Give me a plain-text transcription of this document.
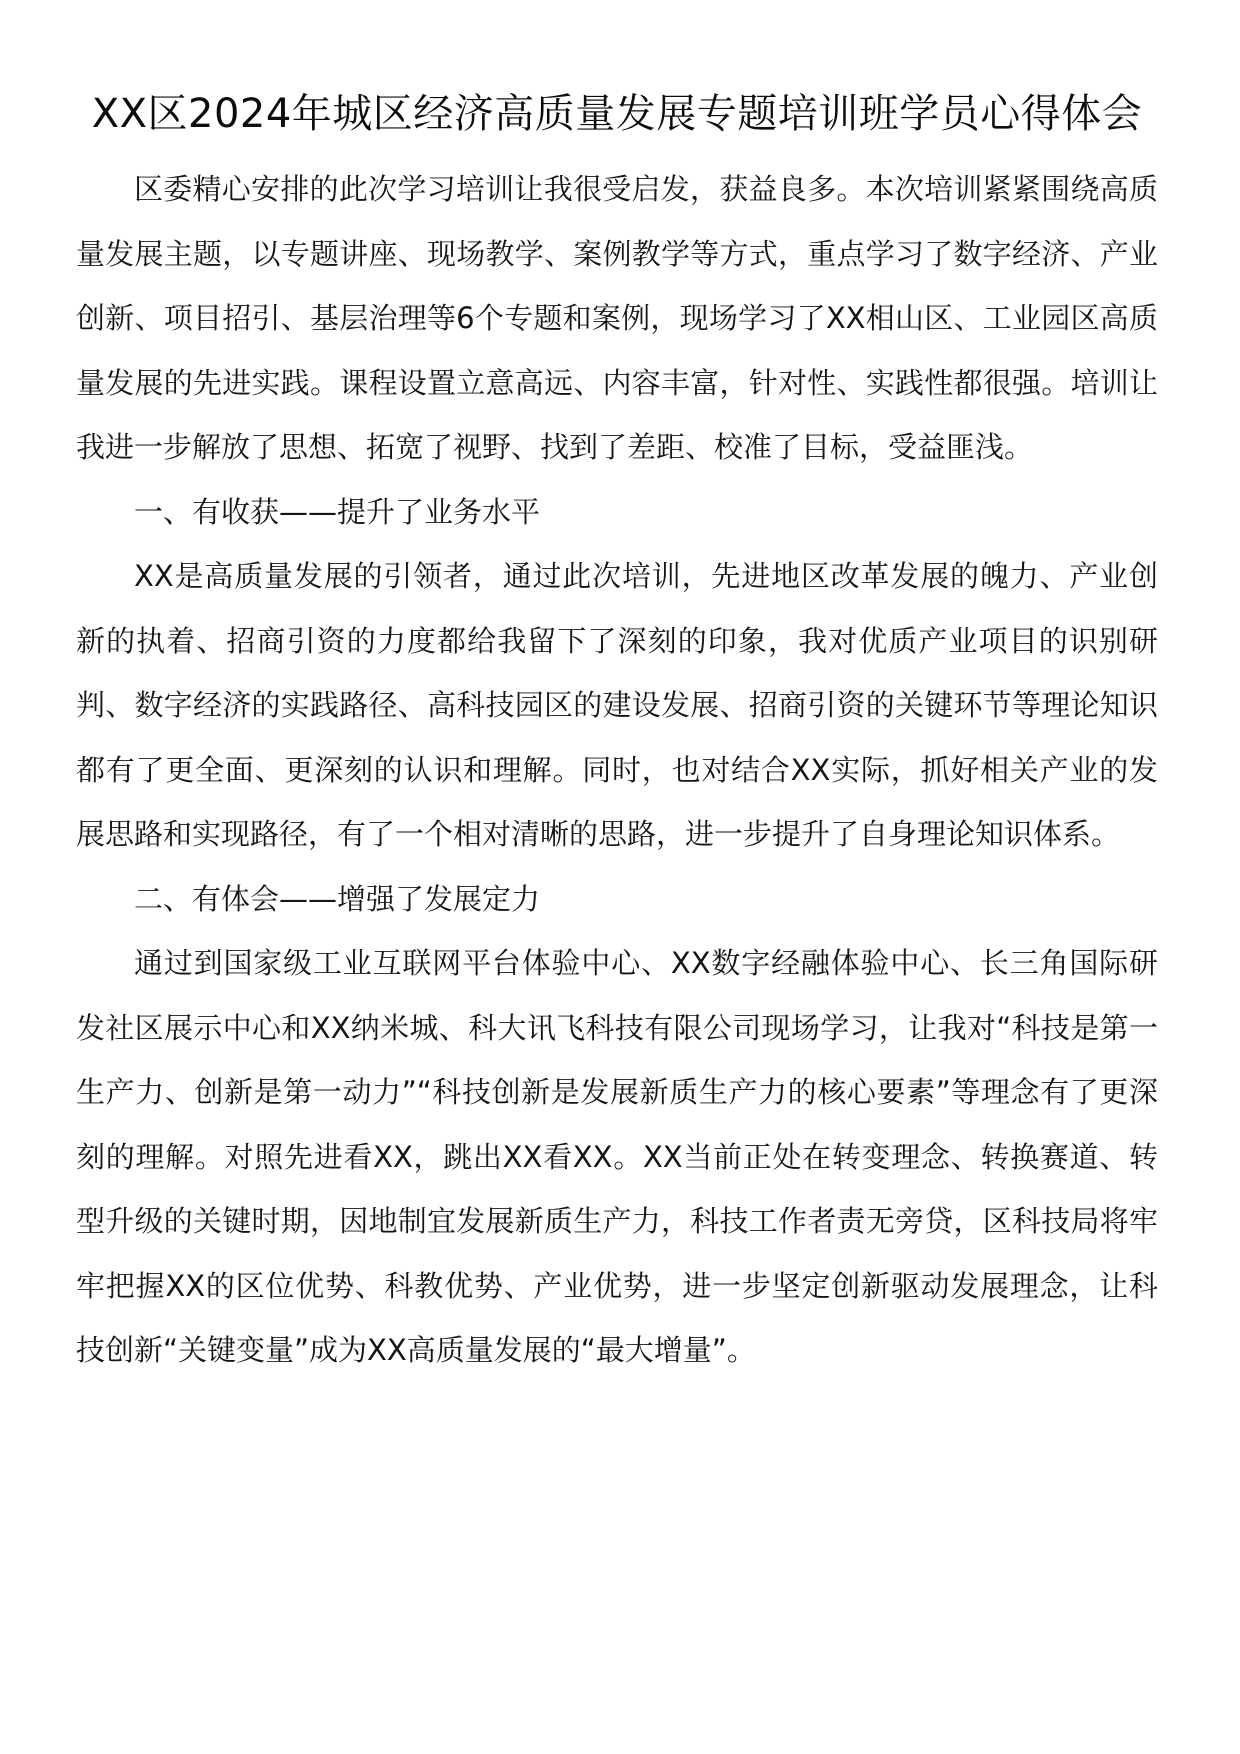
XX区2024年城区经济高质量发展专题培训班学员心得体会

区委精心安排的此次学习培训让我很受启发，获益良多。本次培训紧紧围绕高质量发展主题，以专题讲座、现场教学、案例教学等方式，重点学习了数字经济、产业创新、项目招引、基层治理等6个专题和案例，现场学习了XX相山区、工业园区高质量发展的先进实践。课程设置立意高远、内容丰富，针对性、实践性都很强。培训让我进一步解放了思想、拓宽了视野、找到了差距、校准了目标，受益匪浅。

一、有收获——提升了业务水平

XX是高质量发展的引领者，通过此次培训，先进地区改革发展的魄力、产业创新的执着、招商引资的力度都给我留下了深刻的印象，我对优质产业项目的识别研判、数字经济的实践路径、高科技园区的建设发展、招商引资的关键环节等理论知识都有了更全面、更深刻的认识和理解。同时，也对结合XX实际，抓好相关产业的发展思路和实现路径，有了一个相对清晰的思路，进一步提升了自身理论知识体系。

二、有体会——增强了发展定力

通过到国家级工业互联网平台体验中心、XX数字经融体验中心、长三角国际研发社区展示中心和XX纳米城、科大讯飞科技有限公司现场学习，让我对“科技是第一生产力、创新是第一动力”“科技创新是发展新质生产力的核心要素”等理念有了更深刻的理解。对照先进看XX，跳出XX看XX。XX当前正处在转变理念、转换赛道、转型升级的关键时期，因地制宜发展新质生产力，科技工作者责无旁贷，区科技局将牢牢把握XX的区位优势、科教优势、产业优势，进一步坚定创新驱动发展理念，让科技创新“关键变量”成为XX高质量发展的“最大增量”。
